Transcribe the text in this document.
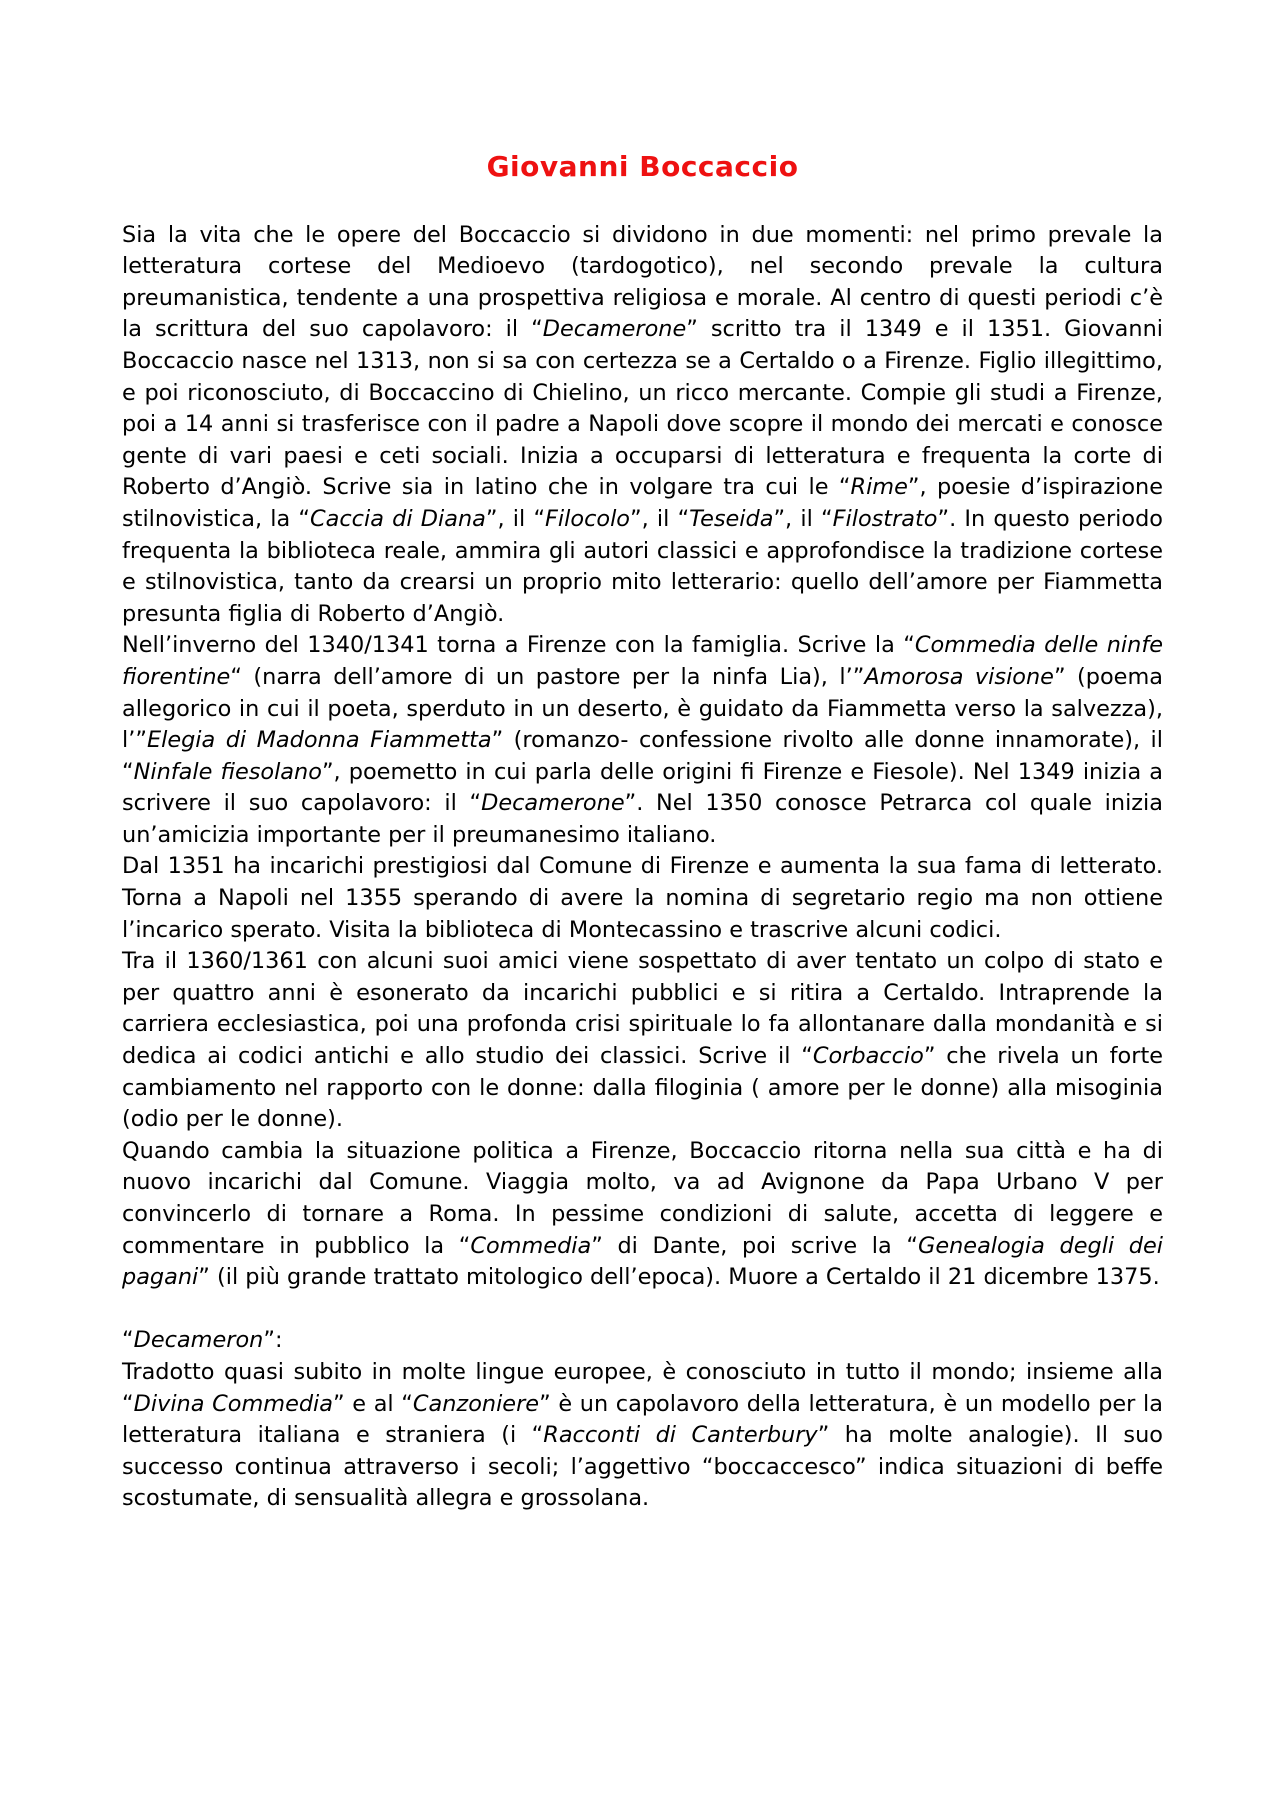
Giovanni Boccaccio

Sia la vita che le opere del Boccaccio si dividono in due momenti: nel primo prevale la letteratura cortese del Medioevo (tardogotico), nel secondo prevale la cultura preumanistica, tendente a una prospettiva religiosa e morale. Al centro di questi periodi c’è la scrittura del suo capolavoro: il “Decamerone” scritto tra il 1349 e il 1351. Giovanni Boccaccio nasce nel 1313, non si sa con certezza se a Certaldo o a Firenze. Figlio illegittimo, e poi riconosciuto, di Boccaccino di Chielino, un ricco mercante. Compie gli studi a Firenze, poi a 14 anni si trasferisce con il padre a Napoli dove scopre il mondo dei mercati e conosce gente di vari paesi e ceti sociali. Inizia a occuparsi di letteratura e frequenta la corte di Roberto d’Angiò. Scrive sia in latino che in volgare tra cui le “Rime”, poesie d’ispirazione stilnovistica, la “Caccia di Diana”, il “Filocolo”, il “Teseida”, il “Filostrato”. In questo periodo frequenta la biblioteca reale, ammira gli autori classici e approfondisce la tradizione cortese e stilnovistica, tanto da crearsi un proprio mito letterario: quello dell’amore per Fiammetta presunta figlia di Roberto d’Angiò.

Nell’inverno del 1340/1341 torna a Firenze con la famiglia. Scrive la “Commedia delle ninfe fiorentine“ (narra dell’amore di un pastore per la ninfa Lia), l’”Amorosa visione” (poema allegorico in cui il poeta, sperduto in un deserto, è guidato da Fiammetta verso la salvezza), l’”Elegia di Madonna Fiammetta” (romanzo- confessione rivolto alle donne innamorate), il “Ninfale fiesolano”, poemetto in cui parla delle origini fi Firenze e Fiesole). Nel 1349 inizia a scrivere il suo capolavoro: il “Decamerone”. Nel 1350 conosce Petrarca col quale inizia un’amicizia importante per il preumanesimo italiano.

Dal 1351 ha incarichi prestigiosi dal Comune di Firenze e aumenta la sua fama di letterato. Torna a Napoli nel 1355 sperando di avere la nomina di segretario regio ma non ottiene l’incarico sperato. Visita la biblioteca di Montecassino e trascrive alcuni codici.

Tra il 1360/1361 con alcuni suoi amici viene sospettato di aver tentato un colpo di stato e per quattro anni è esonerato da incarichi pubblici e si ritira a Certaldo. Intraprende la carriera ecclesiastica, poi una profonda crisi spirituale lo fa allontanare dalla mondanità e si dedica ai codici antichi e allo studio dei classici. Scrive il “Corbaccio” che rivela un forte cambiamento nel rapporto con le donne: dalla filoginia ( amore per le donne) alla misoginia (odio per le donne).

Quando cambia la situazione politica a Firenze, Boccaccio ritorna nella sua città e ha di nuovo incarichi dal Comune. Viaggia molto, va ad Avignone da Papa Urbano V per convincerlo di tornare a Roma. In pessime condizioni di salute, accetta di leggere e commentare in pubblico la “Commedia” di Dante, poi scrive la “Genealogia degli dei pagani” (il più grande trattato mitologico dell’epoca). Muore a Certaldo il 21 dicembre 1375.

“Decameron”:

Tradotto quasi subito in molte lingue europee, è conosciuto in tutto il mondo; insieme alla “Divina Commedia” e al “Canzoniere” è un capolavoro della letteratura, è un modello per la letteratura italiana e straniera (i “Racconti di Canterbury” ha molte analogie). Il suo successo continua attraverso i secoli; l’aggettivo “boccaccesco” indica situazioni di beffe scostumate, di sensualità allegra e grossolana.
